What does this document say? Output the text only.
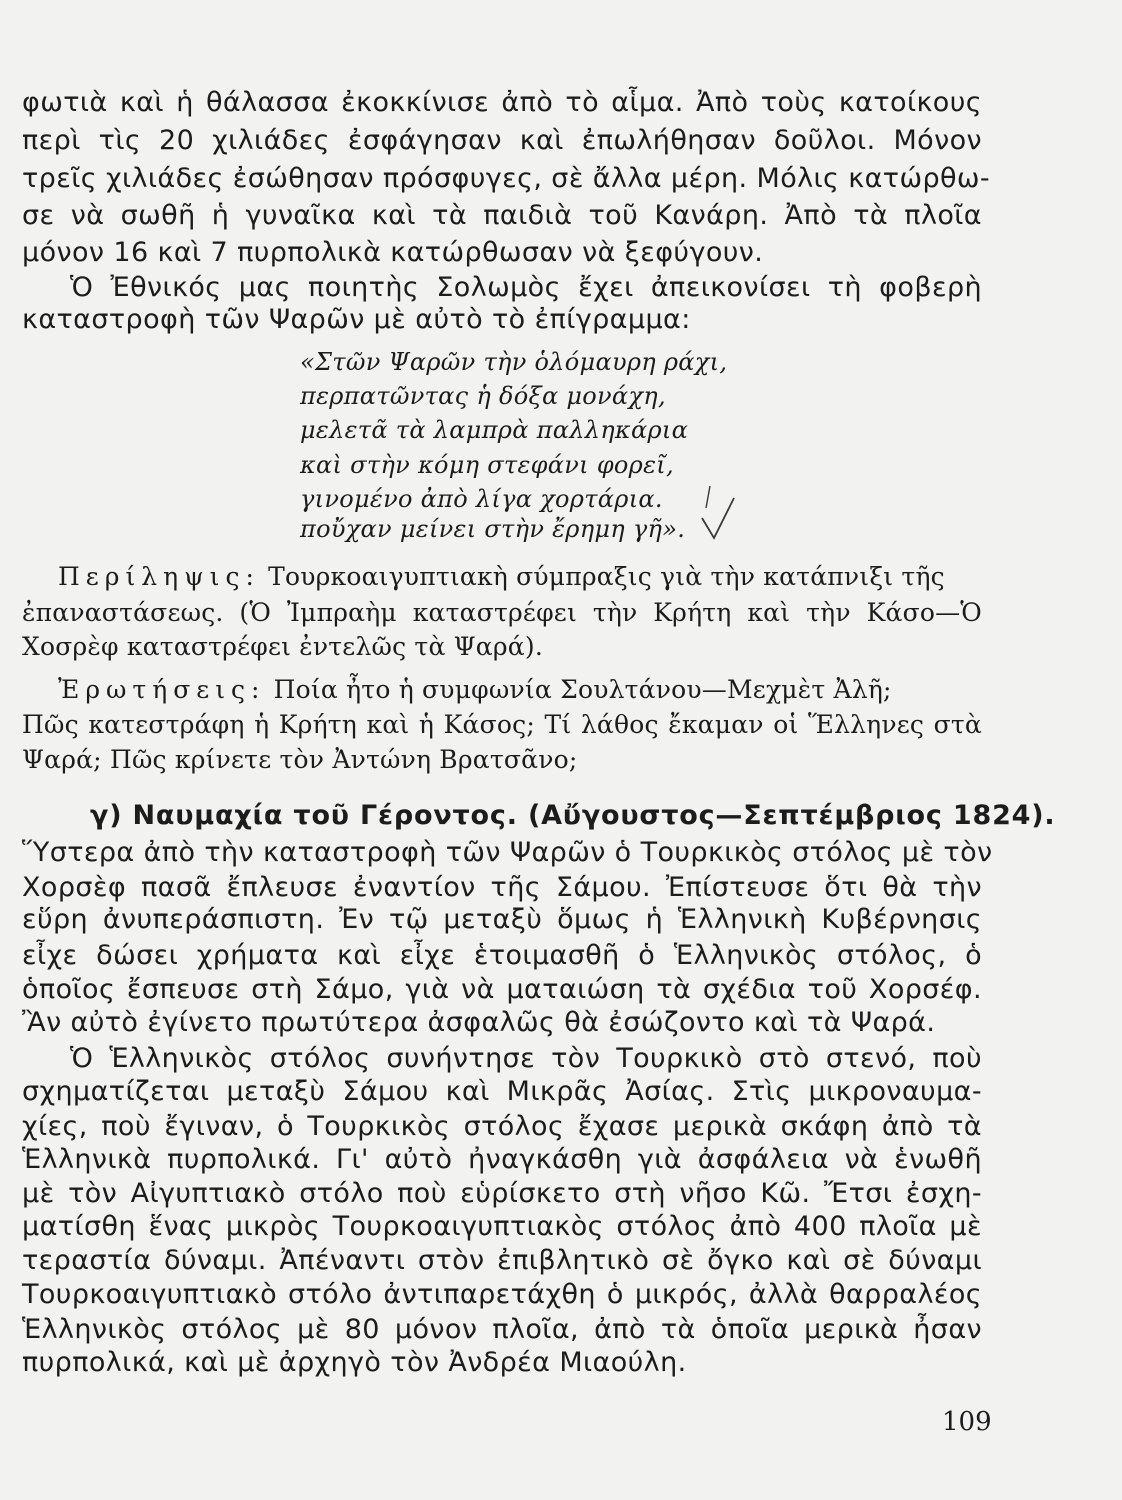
φωτιὰ καὶ ἡ θάλασσα ἐκοκκίνισε ἀπὸ τὸ αἷμα. Ἀπὸ τοὺς κατοίκους
περὶ τὶς 20 χιλιάδες ἐσφάγησαν καὶ ἐπωλήθησαν δοῦλοι. Μόνον
τρεῖς χιλιάδες ἐσώθησαν πρόσφυγες, σὲ ἄλλα μέρη. Μόλις κατώρθω-
σε νὰ σωθῆ ἡ γυναῖκα καὶ τὰ παιδιὰ τοῦ Κανάρη. Ἀπὸ τὰ πλοῖα
μόνον 16 καὶ 7 πυρπολικὰ κατώρθωσαν νὰ ξεφύγουν.
Ὁ Ἐθνικός μας ποιητὴς Σολωμὸς ἔχει ἀπεικονίσει τὴ φοβερὴ
καταστροφὴ τῶν Ψαρῶν μὲ αὐτὸ τὸ ἐπίγραμμα:
«Στῶν Ψαρῶν τὴν ὁλόμαυρη ράχι,
περπατῶντας ἡ δόξα μονάχη,
μελετᾶ τὰ λαμπρὰ παλληκάρια
καὶ στὴν κόμη στεφάνι φορεῖ,
γινομένο ἀπὸ λίγα χορτάρια.
ποὔχαν μείνει στὴν ἔρημη γῆ».
Περίληψις: Τουρκοαιγυπτιακὴ σύμπραξις γιὰ τὴν κατάπνιξι τῆς
ἐπαναστάσεως. (Ὁ Ἰμπραὴμ καταστρέφει τὴν Κρήτη καὶ τὴν Κάσο—Ὁ
Χοσρὲφ καταστρέφει ἐντελῶς τὰ Ψαρά).
Ἐρωτήσεις: Ποία ἦτο ἡ συμφωνία Σουλτάνου—Μεχμὲτ Ἀλῆ;
Πῶς κατεστράφη ἡ Κρήτη καὶ ἡ Κάσος; Τί λάθος ἔκαμαν οἱ Ἕλληνες στὰ
Ψαρά; Πῶς κρίνετε τὸν Ἀντώνη Βρατσᾶνο;
γ) Ναυμαχία τοῦ Γέροντος. (Αὔγουστος—Σεπτέμβριος 1824).
Ὕστερα ἀπὸ τὴν καταστροφὴ τῶν Ψαρῶν ὁ Τουρκικὸς στόλος μὲ τὸν
Χορσὲφ πασᾶ ἔπλευσε ἐναντίον τῆς Σάμου. Ἐπίστευσε ὅτι θὰ τὴν
εὕρη ἀνυπεράσπιστη. Ἐν τῷ μεταξὺ ὅμως ἡ Ἑλληνικὴ Κυβέρνησις
εἶχε δώσει χρήματα καὶ εἶχε ἑτοιμασθῆ ὁ Ἑλληνικὸς στόλος, ὁ
ὁποῖος ἔσπευσε στὴ Σάμο, γιὰ νὰ ματαιώση τὰ σχέδια τοῦ Χορσέφ.
Ἂν αὐτὸ ἐγίνετο πρωτύτερα ἀσφαλῶς θὰ ἐσώζοντο καὶ τὰ Ψαρά.
Ὁ Ἑλληνικὸς στόλος συνήντησε τὸν Τουρκικὸ στὸ στενό, ποὺ
σχηματίζεται μεταξὺ Σάμου καὶ Μικρᾶς Ἀσίας. Στὶς μικροναυμα-
χίες, ποὺ ἔγιναν, ὁ Τουρκικὸς στόλος ἔχασε μερικὰ σκάφη ἀπὸ τὰ
Ἑλληνικὰ πυρπολικά. Γι' αὐτὸ ἠναγκάσθη γιὰ ἀσφάλεια νὰ ἑνωθῆ
μὲ τὸν Αἰγυπτιακὸ στόλο ποὺ εὑρίσκετο στὴ νῆσο Κῶ. Ἔτσι ἐσχη-
ματίσθη ἕνας μικρὸς Τουρκοαιγυπτιακὸς στόλος ἀπὸ 400 πλοῖα μὲ
τεραστία δύναμι. Ἀπέναντι στὸν ἐπιβλητικὸ σὲ ὄγκο καὶ σὲ δύναμι
Τουρκοαιγυπτιακὸ στόλο ἀντιπαρετάχθη ὁ μικρός, ἀλλὰ θαρραλέος
Ἑλληνικὸς στόλος μὲ 80 μόνον πλοῖα, ἀπὸ τὰ ὁποῖα μερικὰ ἦσαν
πυρπολικά, καὶ μὲ ἀρχηγὸ τὸν Ἀνδρέα Μιαούλη.
109
